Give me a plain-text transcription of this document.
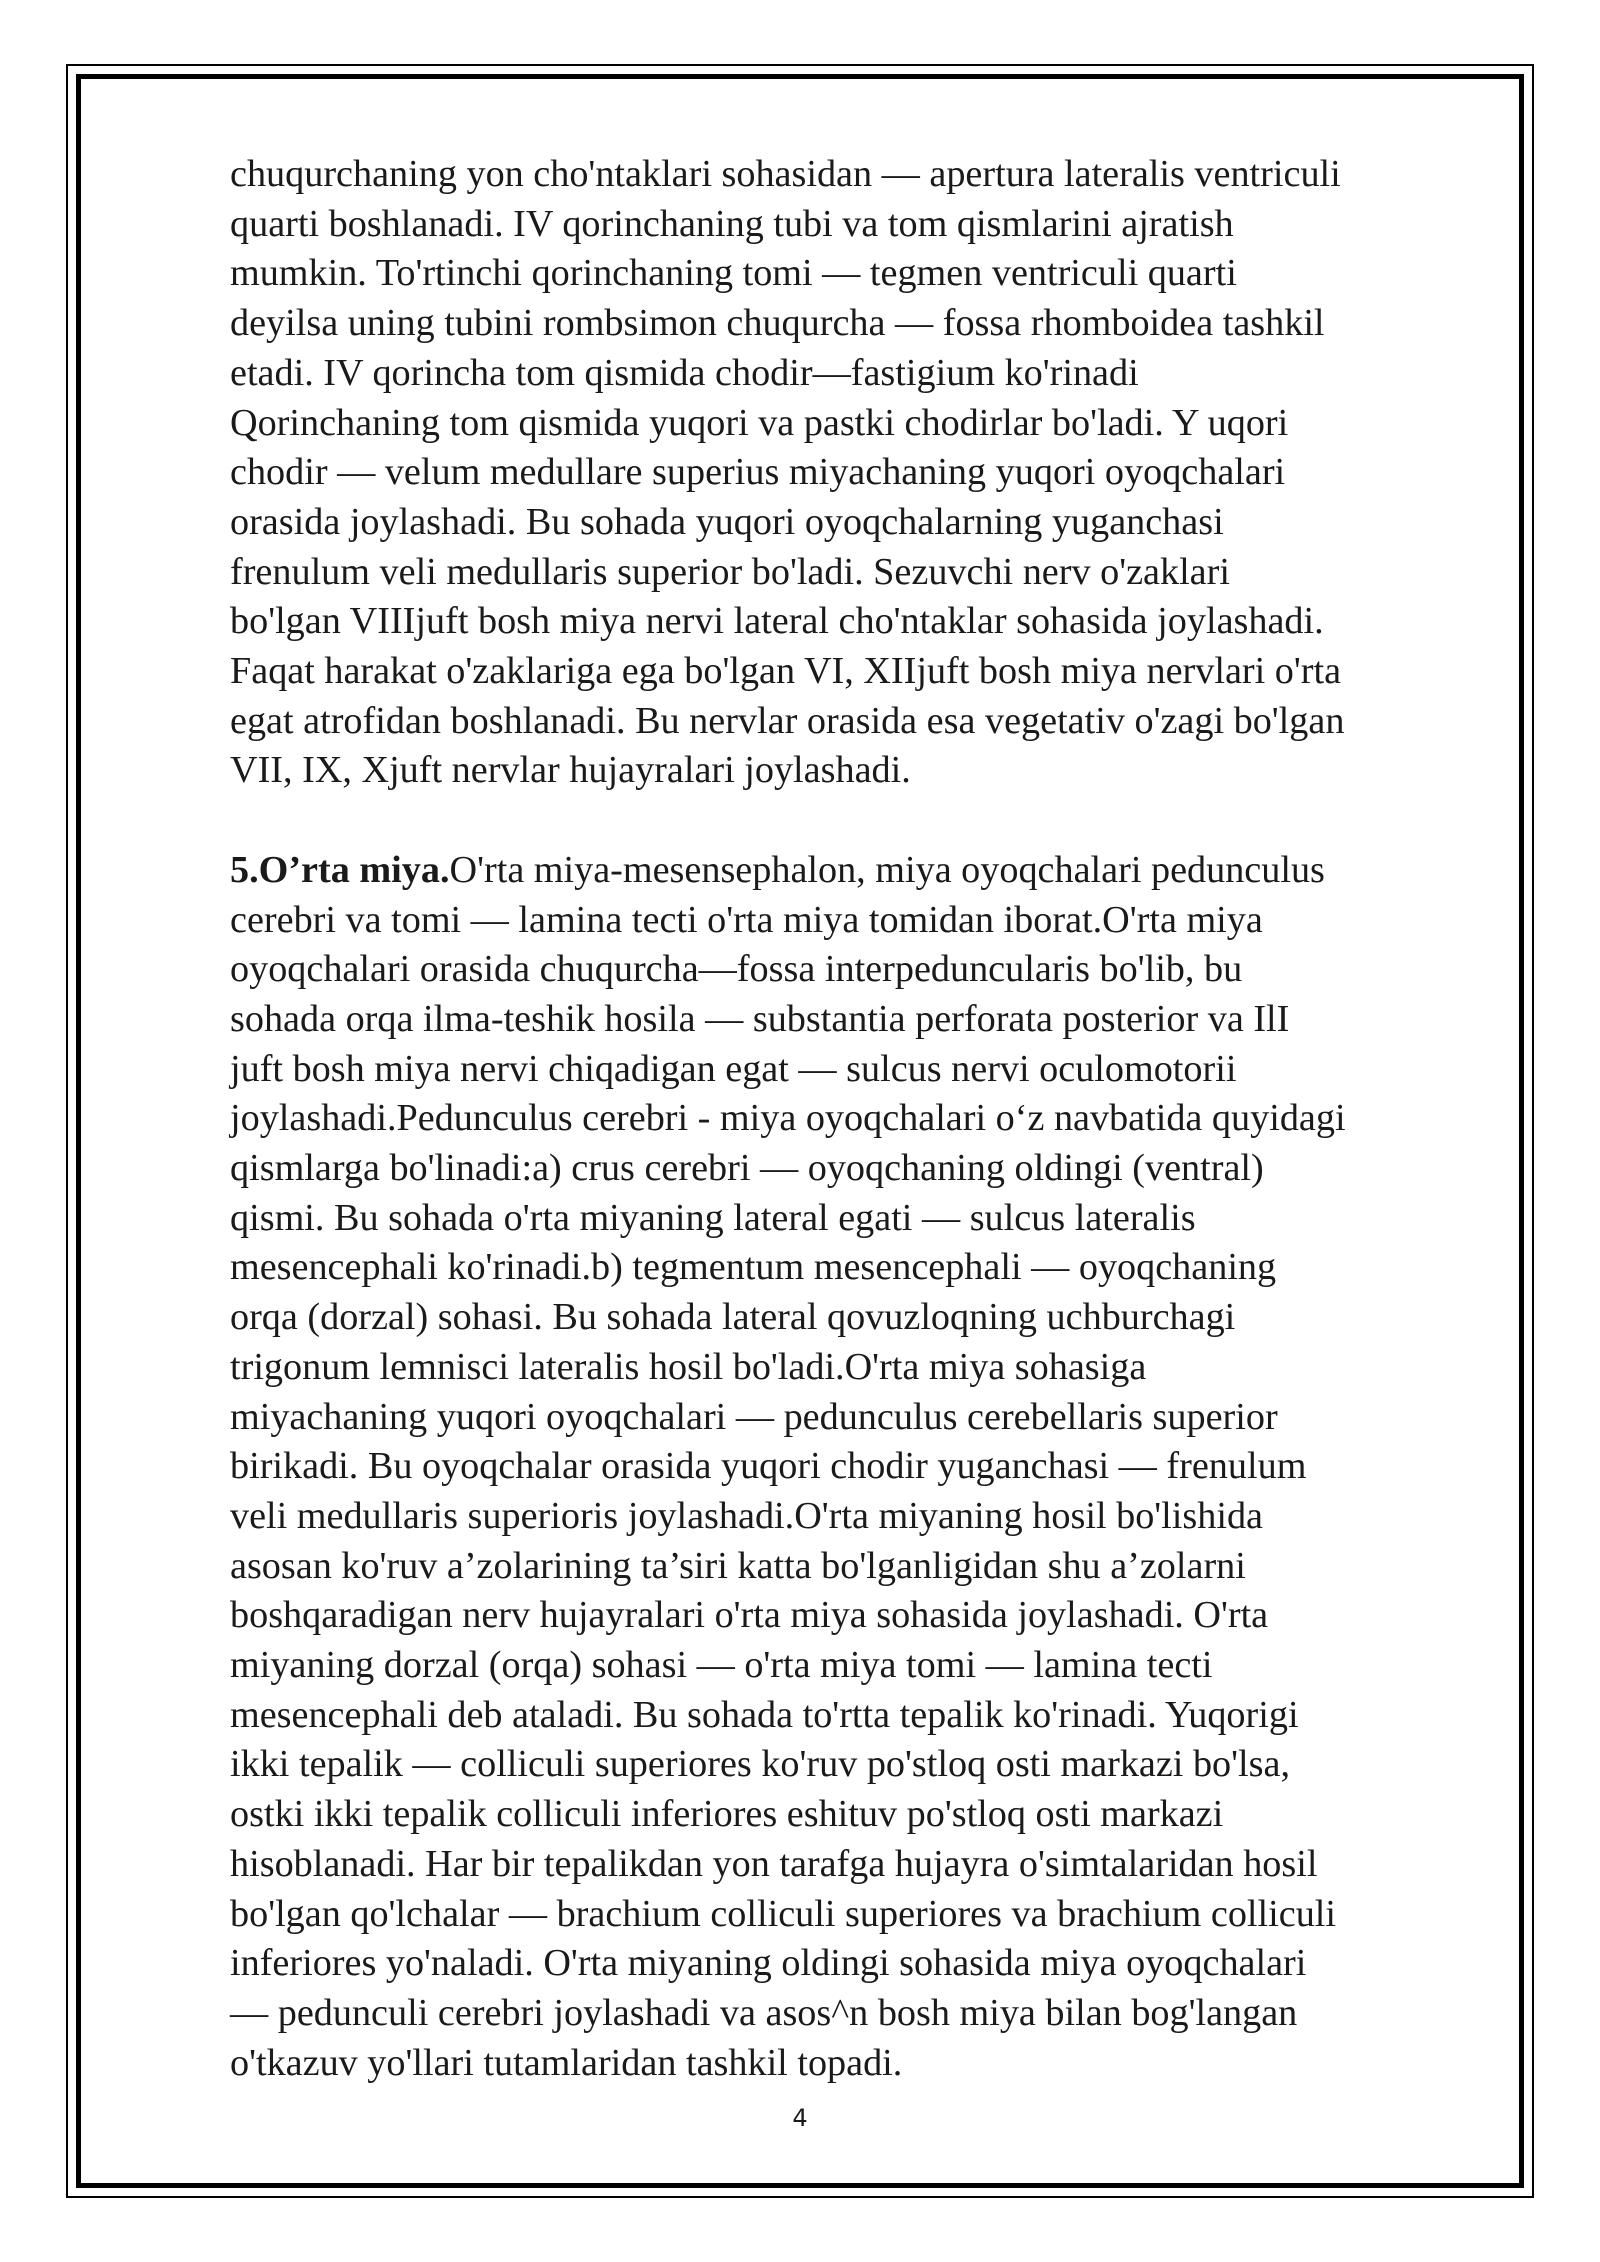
chuqurchaning yon cho'ntaklari sohasidan — apertura lateralis ventriculi
quarti boshlanadi. IV qorinchaning tubi va tom qismlarini ajratish
mumkin. To'rtinchi qorinchaning tomi — tegmen ventriculi quarti
deyilsa uning tubini rombsimon chuqurcha — fossa rhomboidea tashkil
etadi. IV qorincha tom qismida chodir—fastigium ko'rinadi
Qorinchaning tom qismida yuqori va pastki chodirlar bo'ladi. Y uqori
chodir — velum medullare superius miyachaning yuqori oyoqchalari
orasida joylashadi. Bu sohada yuqori oyoqchalarning yuganchasi
frenulum veli medullaris superior bo'ladi. Sezuvchi nerv o'zaklari
bo'lgan VIIIjuft bosh miya nervi lateral cho'ntaklar sohasida joylashadi.
Faqat harakat o'zaklariga ega bo'lgan VI, XIIjuft bosh miya nervlari o'rta
egat atrofidan boshlanadi. Bu nervlar orasida esa vegetativ o'zagi bo'lgan
VII, IX, Xjuft nervlar hujayralari joylashadi.
5.O’rta miya.O'rta miya-mesensephalon, miya oyoqchalari pedunculus
cerebri va tomi — lamina tecti o'rta miya tomidan iborat.O'rta miya
oyoqchalari orasida chuqurcha—fossa interpeduncularis bo'lib, bu
sohada orqa ilma-teshik hosila — substantia perforata posterior va IlI
juft bosh miya nervi chiqadigan egat — sulcus nervi oculomotorii
joylashadi.Pedunculus cerebri - miya oyoqchalari o‘z navbatida quyidagi
qismlarga bo'linadi:a) crus cerebri — oyoqchaning oldingi (ventral)
qismi. Bu sohada o'rta miyaning lateral egati — sulcus lateralis
mesencephali ko'rinadi.b) tegmentum mesencephali — oyoqchaning
orqa (dorzal) sohasi. Bu sohada lateral qovuzloqning uchburchagi
trigonum lemnisci lateralis hosil bo'ladi.O'rta miya sohasiga
miyachaning yuqori oyoqchalari — pedunculus cerebellaris superior
birikadi. Bu oyoqchalar orasida yuqori chodir yuganchasi — frenulum
veli medullaris superioris joylashadi.O'rta miyaning hosil bo'lishida
asosan ko'ruv a’zolarining ta’siri katta bo'lganligidan shu a’zolarni
boshqaradigan nerv hujayralari o'rta miya sohasida joylashadi. O'rta
miyaning dorzal (orqa) sohasi — o'rta miya tomi — lamina tecti
mesencephali deb ataladi. Bu sohada to'rtta tepalik ko'rinadi. Yuqorigi
ikki tepalik — colliculi superiores ko'ruv po'stloq osti markazi bo'lsa,
ostki ikki tepalik colliculi inferiores eshituv po'stloq osti markazi
hisoblanadi. Har bir tepalikdan yon tarafga hujayra o'simtalaridan hosil
bo'lgan qo'lchalar — brachium colliculi superiores va brachium colliculi
inferiores yo'naladi. O'rta miyaning oldingi sohasida miya oyoqchalari
— pedunculi cerebri joylashadi va asos^n bosh miya bilan bog'langan
o'tkazuv yo'llari tutamlaridan tashkil topadi.
4
